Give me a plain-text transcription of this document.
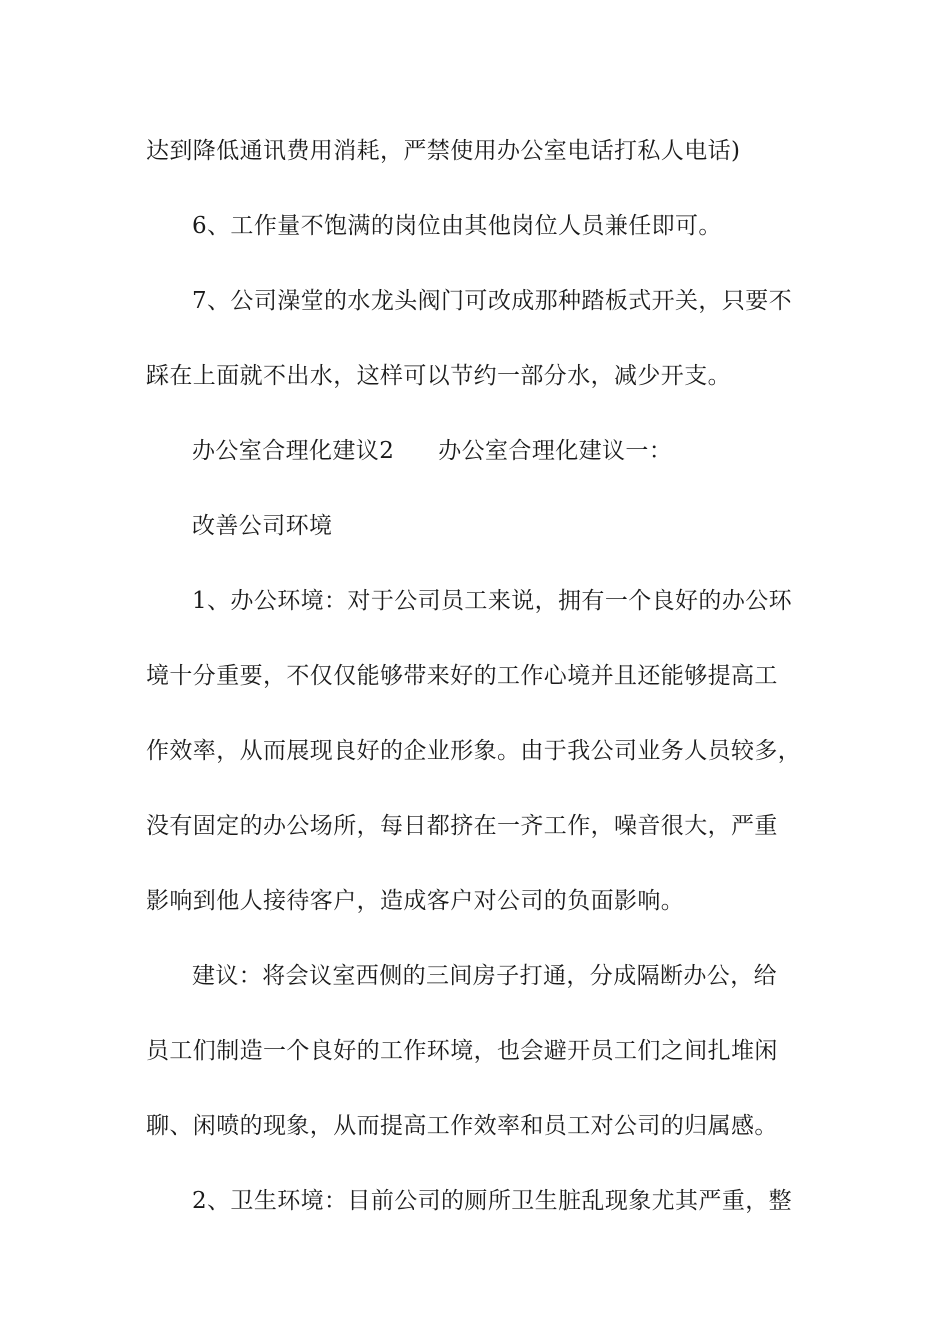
达到降低通讯费用消耗，严禁使用办公室电话打私人电话)
6、工作量不饱满的岗位由其他岗位人员兼任即可。
7、公司澡堂的水龙头阀门可改成那种踏板式开关，只要不
踩在上面就不出水，这样可以节约一部分水，减少开支。
办公室合理化建议2 办公室合理化建议一：
改善公司环境
1、办公环境：对于公司员工来说，拥有一个良好的办公环
境十分重要，不仅仅能够带来好的工作心境并且还能够提高工
作效率，从而展现良好的企业形象。由于我公司业务人员较多，
没有固定的办公场所，每日都挤在一齐工作，噪音很大，严重
影响到他人接待客户，造成客户对公司的负面影响。
建议：将会议室西侧的三间房子打通，分成隔断办公，给
员工们制造一个良好的工作环境，也会避开员工们之间扎堆闲
聊、闲喷的现象，从而提高工作效率和员工对公司的归属感。
2、卫生环境：目前公司的厕所卫生脏乱现象尤其严重，整
